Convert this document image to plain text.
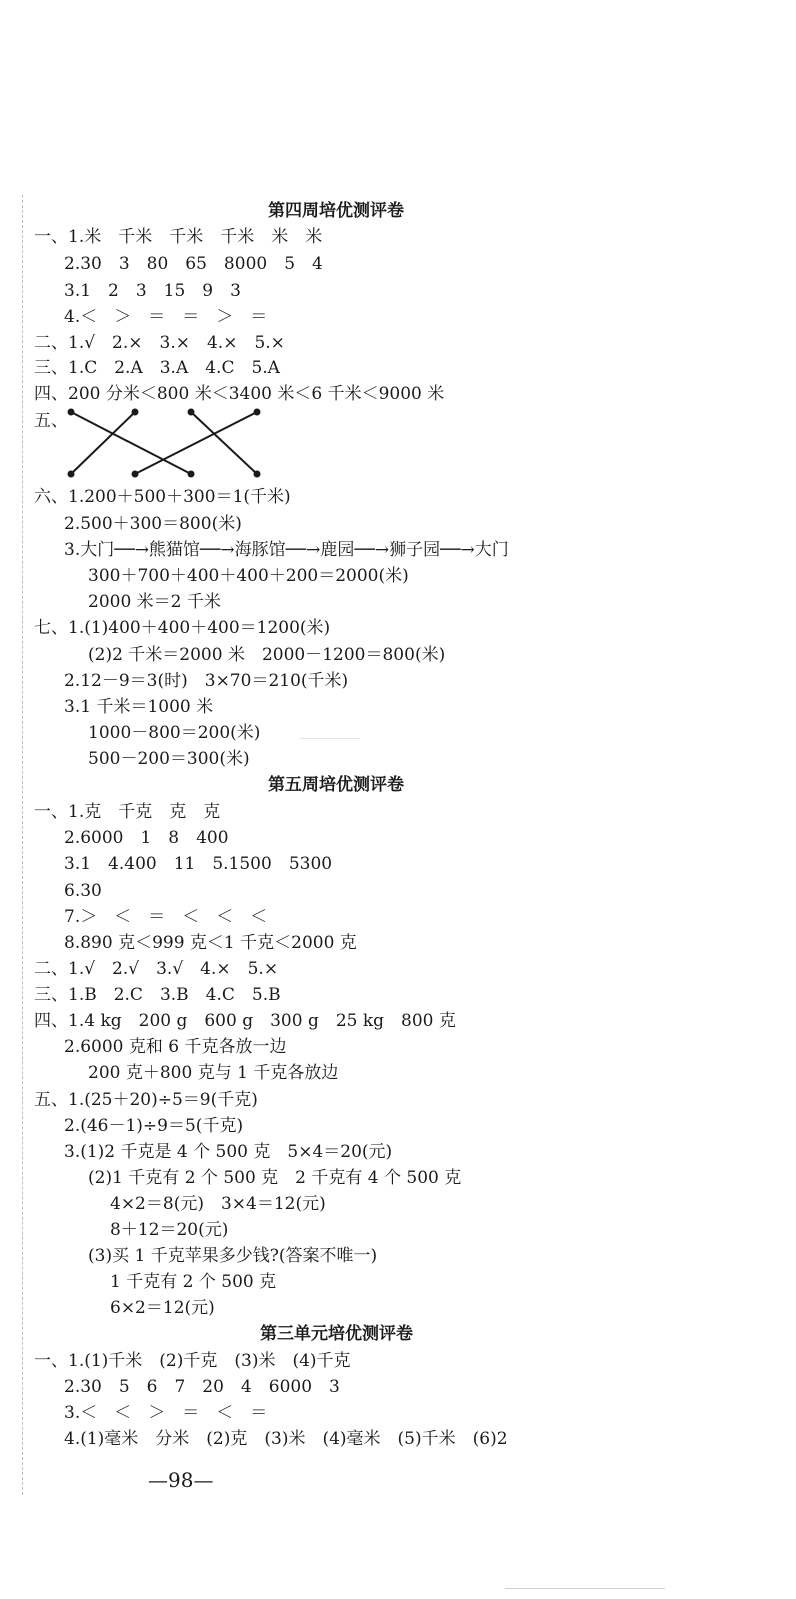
第四周培优测评卷
一、1.米　千米　千米　千米　米　米
2.30　3　80　65　8000　5　4
3.1　2　3　15　9　3
4.＜　＞　＝　＝　＞　＝
二、1.√　2.×　3.×　4.×　5.×
三、1.C　2.A　3.A　4.C　5.A
四、200 分米＜800 米＜3400 米＜6 千米＜9000 米
五、
六、1.200＋500＋300＝1(千米)
2.500＋300＝800(米)
3.大门──→熊猫馆──→海豚馆──→鹿园──→狮子园──→大门
300＋700＋400＋400＋200＝2000(米)
2000 米＝2 千米
七、1.(1)400＋400＋400＝1200(米)
(2)2 千米＝2000 米　2000－1200＝800(米)
2.12－9＝3(时)　3×70＝210(千米)
3.1 千米＝1000 米
1000－800＝200(米)
500－200＝300(米)
第五周培优测评卷
一、1.克　千克　克　克
2.6000　1　8　400
3.1　4.400　11　5.1500　5300
6.30
7.＞　＜　＝　＜　＜　＜
8.890 克＜999 克＜1 千克＜2000 克
二、1.√　2.√　3.√　4.×　5.×
三、1.B　2.C　3.B　4.C　5.B
四、1.4 kg　200 g　600 g　300 g　25 kg　800 克
2.6000 克和 6 千克各放一边
200 克＋800 克与 1 千克各放边
五、1.(25＋20)÷5＝9(千克)
2.(46－1)÷9＝5(千克)
3.(1)2 千克是 4 个 500 克　5×4＝20(元)
(2)1 千克有 2 个 500 克　2 千克有 4 个 500 克
4×2＝8(元)　3×4＝12(元)
8＋12＝20(元)
(3)买 1 千克苹果多少钱?(答案不唯一)
1 千克有 2 个 500 克
6×2＝12(元)
第三单元培优测评卷
一、1.(1)千米　(2)千克　(3)米　(4)千克
2.30　5　6　7　20　4　6000　3
3.＜　＜　＞　＝　＜　＝
4.(1)毫米　分米　(2)克　(3)米　(4)毫米　(5)千米　(6)2
—98—
